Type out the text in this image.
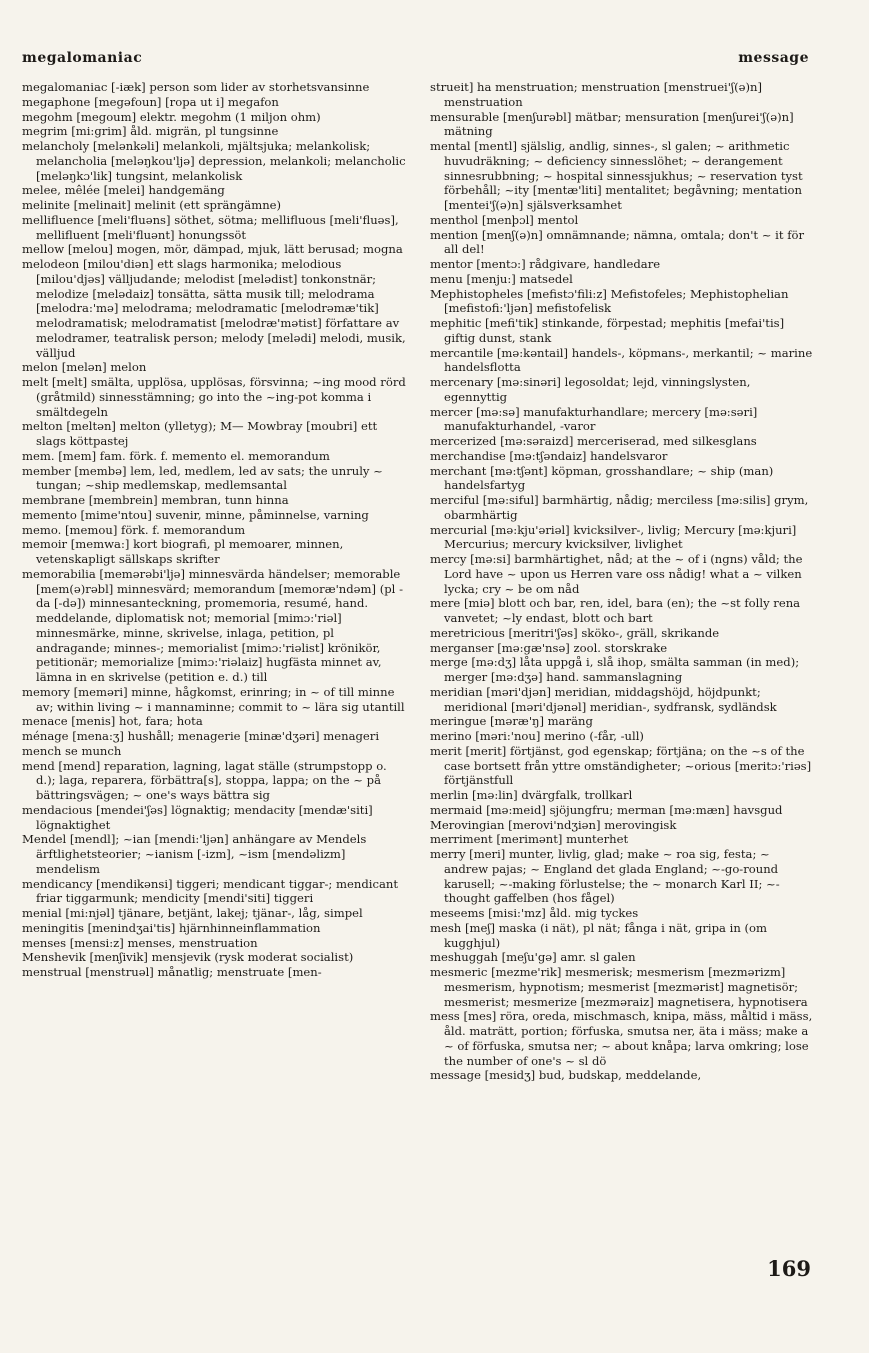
megalomaniac	message

megalomaniac [-iæk] person som lider av storhetsvansinne

megaphone [megəfoun] [ropa ut i] megafon

megohm [megoum] elektr. megohm (1 miljon ohm)

megrim [mi:grim] åld. migrän, pl tungsinne

melancholy [melənkəli] melankoli, mjältsjuka; melankolisk; melancholia [meləŋkou'ljə] depression, melankoli; melancholic [meləŋkɔ'lik] tungsint, melankolisk

melee, mêlée [melei] handgemäng

melinite [melinait] melinit (ett sprängämne)

mellifluence [meli'fluəns] söthet, sötma; mellifluous [meli'fluəs], mellifluent [meli'fluənt] honungssöt

mellow [melou] mogen, mör, dämpad, mjuk, lätt berusad; mogna

melodeon [milou'diən] ett slags harmonika; melodious [milou'djəs] välljudande; melodist [melədist] tonkonstnär; melodize [melədaiz] tonsätta, sätta musik till; melodrama [melodra:'mə] melodrama; melodramatic [melodrəmæ'tik] melodramatisk; melodramatist [melodræ'mətist] författare av melodramer, teatralisk person; melody [melədi] melodi, musik, välljud

melon [melən] melon

melt [melt] smälta, upplösa, upplösas, försvinna; ~ing mood rörd (gråtmild) sinnesstämning; go into the ~ing-pot komma i smältdegeln

melton [meltən] melton (ylletyg); M— Mowbray [moubri] ett slags köttpastej

mem. [mem] fam. förk. f. memento el. memorandum

member [membə] lem, led, medlem, led av sats; the unruly ~ tungan; ~ship medlemskap, medlemsantal

membrane [membrein] membran, tunn hinna

memento [mime'ntou] suvenir, minne, påminnelse, varning

memo. [memou] förk. f. memorandum

memoir [memwa:] kort biografi, pl memoarer, minnen, vetenskapligt sällskaps skrifter

memorabilia [memərəbi'ljə] minnesvärda händelser; memorable [mem(ə)rəbl] minnesvärd; memorandum [memoræ'ndəm] (pl -da [-də]) minnesanteckning, promemoria, resumé, hand. meddelande, diplomatisk not; memorial [mimɔ:'riəl] minnesmärke, minne, skrivelse, inlaga, petition, pl andragande; minnes-; memorialist [mimɔ:'riəlist] krönikör, petitionär; memorialize [mimɔ:'riəlaiz] hugfästa minnet av, lämna in en skrivelse (petition e. d.) till

memory [meməri] minne, hågkomst, erinring; in ~ of till minne av; within living ~ i mannaminne; commit to ~ lära sig utantill

menace [menis] hot, fara; hota

ménage [mena:ʒ] hushåll; menagerie [minæ'dʒəri] menageri

mench se munch

mend [mend] reparation, lagning, lagat ställe (strumpstopp o. d.); laga, reparera, förbättra[s], stoppa, lappa; on the ~ på bättringsvägen; ~ one's ways bättra sig

mendacious [mendei'ʃəs] lögnaktig; mendacity [mendæ'siti] lögnaktighet

Mendel [mendl]; ~ian [mendi:'ljən] anhängare av Mendels ärftlighetsteorier; ~ianism [-izm], ~ism [mendəlizm] mendelism

mendicancy [mendikənsi] tiggeri; mendicant tiggar-; mendicant friar tiggarmunk; mendicity [mendi'siti] tiggeri

menial [mi:njəl] tjänare, betjänt, lakej; tjänar-, låg, simpel

meningitis [menindʒai'tis] hjärnhinneinflammation

menses [mensi:z] menses, menstruation

Menshevik [menʃivik] mensjevik (rysk moderat socialist)

menstrual [menstruəl] månatlig; menstruate [men-

strueit] ha menstruation; menstruation [menstruei'ʃ(ə)n] menstruation

mensurable [menʃurəbl] mätbar; mensuration [menʃurei'ʃ(ə)n] mätning

mental [mentl] själslig, andlig, sinnes-, sl galen; ~ arithmetic huvudräkning; ~ deficiency sinnesslöhet; ~ derangement sinnesrubbning; ~ hospital sinnessjukhus; ~ reservation tyst förbehåll; ~ity [mentæ'liti] mentalitet; begåvning; mentation [mentei'ʃ(ə)n] själsverksamhet

menthol [menþɔl] mentol

mention [menʃ(ə)n] omnämnande; nämna, omtala; don't ~ it för all del!

mentor [mentɔ:] rådgivare, handledare

menu [menju:] matsedel

Mephistopheles [mefistɔ'fili:z] Mefistofeles; Mephistophelian [mefistofi:'ljən] mefistofelisk

mephitic [mefi'tik] stinkande, förpestad; mephitis [mefai'tis] giftig dunst, stank

mercantile [mə:kəntail] handels-, köpmans-, merkantil; ~ marine handelsflotta

mercenary [mə:sinəri] legosoldat; lejd, vinningslysten, egennyttig

mercer [mə:sə] manufakturhandlare; mercery [mə:səri] manufakturhandel, -varor

mercerized [mə:səraizd] merceriserad, med silkesglans

merchandise [mə:tʃəndaiz] handelsvaror

merchant [mə:tʃənt] köpman, grosshandlare; ~ ship (man) handelsfartyg

merciful [mə:siful] barmhärtig, nådig; merciless [mə:silis] grym, obarmhärtig

mercurial [mə:kju'əriəl] kvicksilver-, livlig; Mercury [mə:kjuri] Mercurius; mercury kvicksilver, livlighet

mercy [mə:si] barmhärtighet, nåd; at the ~ of i (ngns) våld; the Lord have ~ upon us Herren vare oss nådig! what a ~ vilken lycka; cry ~ be om nåd

mere [miə] blott och bar, ren, idel, bara (en); the ~st folly rena vanvetet; ~ly endast, blott och bart

meretricious [meritri'ʃəs] sköko-, gräll, skrikande

merganser [mə:gæ'nsə] zool. storskrake

merge [mə:dʒ] låta uppgå i, slå ihop, smälta samman (in med); merger [mə:dʒə] hand. sammanslagning

meridian [məri'djən] meridian, middagshöjd, höjdpunkt; meridional [məri'djənəl] meridian-, sydfransk, sydländsk

meringue [məræ'ŋ] maräng

merino [məri:'nou] merino (-får, -ull)

merit [merit] förtjänst, god egenskap; förtjäna; on the ~s of the case bortsett från yttre omständigheter; ~orious [meritɔ:'riəs] förtjänstfull

merlin [mə:lin] dvärgfalk, trollkarl

mermaid [mə:meid] sjöjungfru; merman [mə:mæn] havsgud

Merovingian [merovi'ndʒiən] merovingisk

merriment [merimənt] munterhet

merry [meri] munter, livlig, glad; make ~ roa sig, festa; ~ andrew pajas; ~ England det glada England; ~-go-round karusell; ~-making förlustelse; the ~ monarch Karl II; ~-thought gaffelben (hos fågel)

meseems [misi:'mz] åld. mig tyckes

mesh [meʃ] maska (i nät), pl nät; fånga i nät, gripa in (om kugghjul)

meshuggah [meʃu'gə] amr. sl galen

mesmeric [mezme'rik] mesmerisk; mesmerism [mezmərizm] mesmerism, hypnotism; mesmerist [mezmərist] magnetisör; mesmerist; mesmerize [mezməraiz] magnetisera, hypnotisera

mess [mes] röra, oreda, mischmasch, knipa, mäss, måltid i mäss, åld. maträtt, portion; förfuska, smutsa ner, äta i mäss; make a ~ of förfuska, smutsa ner; ~ about knåpa; larva omkring; lose the number of one's ~ sl dö

message [mesidʒ] bud, budskap, meddelande,

169
